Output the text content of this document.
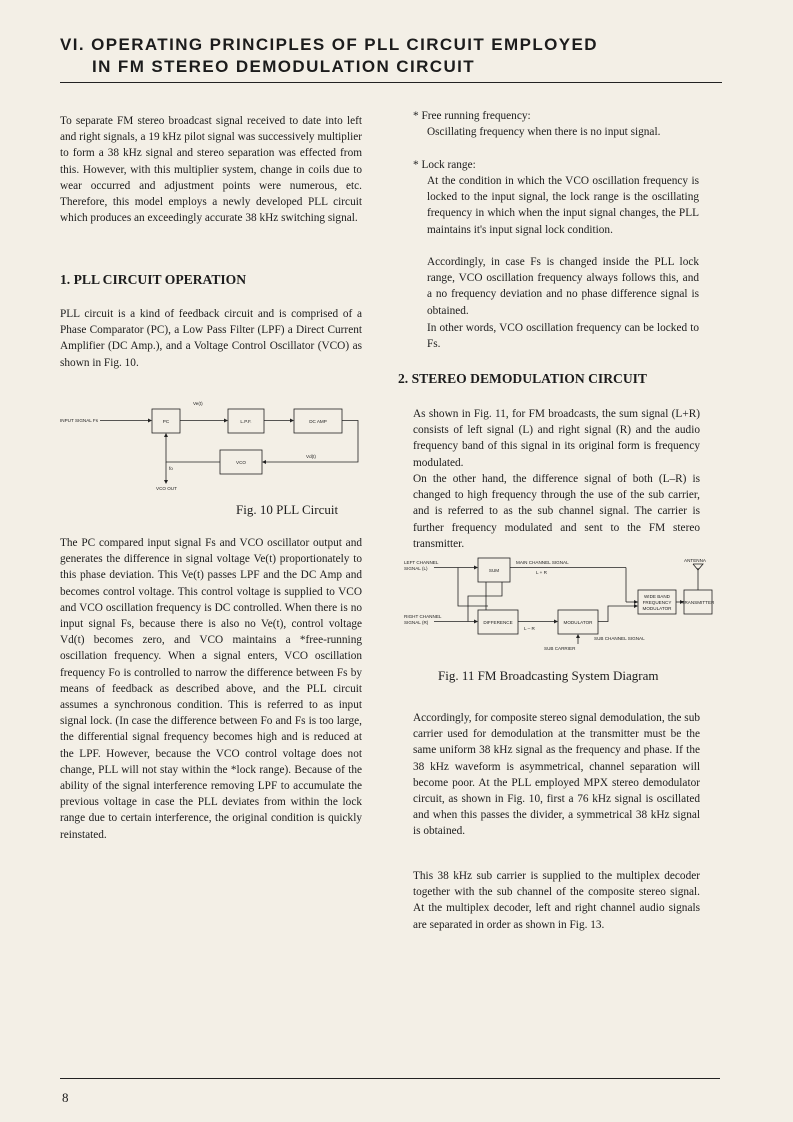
VI. OPERATING PRINCIPLES OF PLL CIRCUIT EMPLOYED
IN FM STEREO DEMODULATION CIRCUIT

To separate FM stereo broadcast signal received to date into left and right signals, a 19 kHz pilot signal was successively multiplier to form a 38 kHz signal and stereo separation was effected from this. However, with this multiplier system, change in coils due to wear occurred and adjustment points were numerous, etc. Therefore, this model employs a newly developed PLL circuit which produces an exceedingly accurate 38 kHz switching signal.

1. PLL CIRCUIT OPERATION

PLL circuit is a kind of feedback circuit and is comprised of a Phase Comparator (PC), a Low Pass Filter (LPF) a Direct Current Amplifier (DC Amp.), and a Voltage Control Oscillator (VCO) as shown in Fig. 10.

INPUT SIGNAL Fs	PC
Ve(t)
L.P.F.	DC AMP
Vd(t)
VCO
fo
VCO OUT

Fig. 10 PLL Circuit

The PC compared input signal Fs and VCO oscillator output and generates the difference in signal voltage Ve(t) proportionately to this phase deviation. This Ve(t) passes LPF and the DC Amp and becomes control voltage. This control voltage is supplied to VCO and VCO oscillation frequency is DC controlled. When there is no input signal Fs, because there is also no Ve(t), control voltage Vd(t) becomes zero, and VCO maintains a *free-running oscillation frequency. When a signal enters, VCO oscillation frequency Fo is controlled to narrow the difference between Fs by means of feedback as described above, and the PLL circuit assumes a synchronous condition. This is referred to as input signal lock. (In case the difference between Fo and Fs is too large, the differential signal frequency becomes high and is reduced at the LPF. However, because the VCO control voltage does not change, PLL will not stay within the *lock range). Because of the ability of the signal interference removing LPF to accumulate the previous voltage in case the PLL deviates from within the lock range due to certain interference, the original condition is quickly reinstated.

* Free running frequency:

Oscillating frequency when there is no input signal.

* Lock range:

At the condition in which the VCO oscillation frequency is locked to the input signal, the lock range is the oscillating frequency in which when the input signal changes, the PLL maintains it's input signal lock condition.

Accordingly, in case Fs is changed inside the PLL lock range, VCO oscillation frequency always follows this, and a no frequency deviation and no phase difference signal is obtained.

In other words, VCO oscillation frequency can be locked to Fs.

2. STEREO DEMODULATION CIRCUIT

As shown in Fig. 11, for FM broadcasts, the sum signal (L+R) consists of left signal (L) and right signal (R) and the audio frequency band of this signal in its original form is frequency modulated.

On the other hand, the difference signal of both (L–R) is changed to high frequency through the use of the sub carrier, and is referred to as the sub channel signal. The carrier is further frequency modulated and sent to the FM stereo transmitter.

LEFT CHANNEL
SIGNAL (L)	SUM
MAIN CHANNEL SIGNAL
L + R
WIDE BAND
FREQUENCY
MODULATOR
TRANSMITTER
ANTENNA
RIGHT CHANNEL
SIGNAL (R)	DIFFERENCE
L – R
MODULATOR
SUB CHANNEL SIGNAL
SUB CARRIER

Fig. 11 FM Broadcasting System Diagram

Accordingly, for composite stereo signal demodulation, the sub carrier used for demodulation at the transmitter must be the same uniform 38 kHz signal as the frequency and phase. If the 38 kHz waveform is asymmetrical, channel separation will become poor. At the PLL employed MPX stereo demodulator circuit, as shown in Fig. 10, first a 76 kHz signal is oscillated and when this passes the divider, a symmetrical 38 kHz signal is obtained.

This 38 kHz sub carrier is supplied to the multiplex decoder together with the sub channel of the composite stereo signal. At the multiplex decoder, left and right channel audio signals are separated in order as shown in Fig. 13.

8
